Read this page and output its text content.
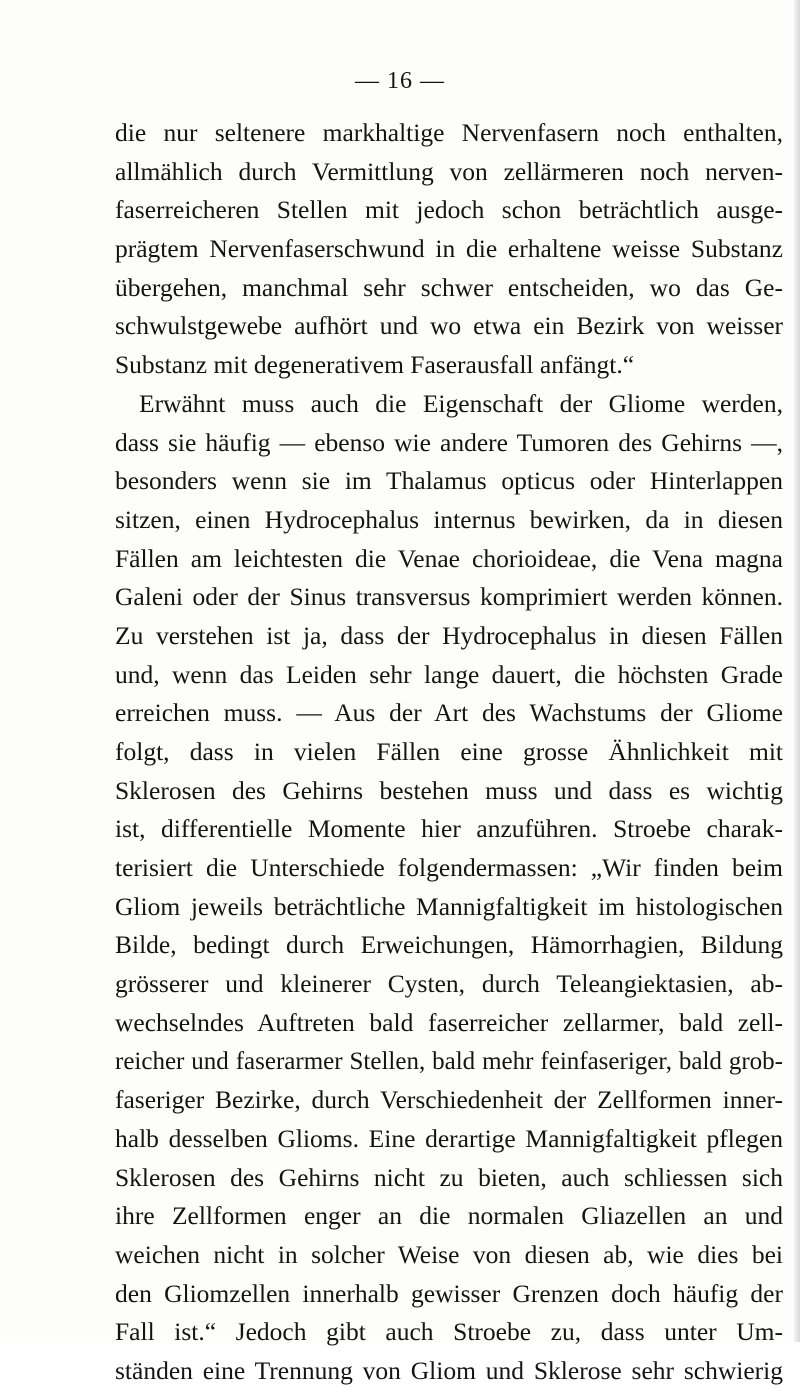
— 16 —
die nur seltenere markhaltige Nervenfasern noch enthalten,
allmählich durch Vermittlung von zellärmeren noch nerven-
faserreicheren Stellen mit jedoch schon beträchtlich ausge-
prägtem Nervenfaserschwund in die erhaltene weisse Substanz
übergehen, manchmal sehr schwer entscheiden, wo das Ge-
schwulstgewebe aufhört und wo etwa ein Bezirk von weisser
Substanz mit degenerativem Faserausfall anfängt.“
Erwähnt muss auch die Eigenschaft der Gliome werden,
dass sie häufig — ebenso wie andere Tumoren des Gehirns —,
besonders wenn sie im Thalamus opticus oder Hinterlappen
sitzen, einen Hydrocephalus internus bewirken, da in diesen
Fällen am leichtesten die Venae chorioideae, die Vena magna
Galeni oder der Sinus transversus komprimiert werden können.
Zu verstehen ist ja, dass der Hydrocephalus in diesen Fällen
und, wenn das Leiden sehr lange dauert, die höchsten Grade
erreichen muss. — Aus der Art des Wachstums der Gliome
folgt, dass in vielen Fällen eine grosse Ähnlichkeit mit
Sklerosen des Gehirns bestehen muss und dass es wichtig
ist, differentielle Momente hier anzuführen. Stroebe charak-
terisiert die Unterschiede folgendermassen: „Wir finden beim
Gliom jeweils beträchtliche Mannigfaltigkeit im histologischen
Bilde, bedingt durch Erweichungen, Hämorrhagien, Bildung
grösserer und kleinerer Cysten, durch Teleangiektasien, ab-
wechselndes Auftreten bald faserreicher zellarmer, bald zell-
reicher und faserarmer Stellen, bald mehr feinfaseriger, bald grob-
faseriger Bezirke, durch Verschiedenheit der Zellformen inner-
halb desselben Glioms. Eine derartige Mannigfaltigkeit pflegen
Sklerosen des Gehirns nicht zu bieten, auch schliessen sich
ihre Zellformen enger an die normalen Gliazellen an und
weichen nicht in solcher Weise von diesen ab, wie dies bei
den Gliomzellen innerhalb gewisser Grenzen doch häufig der
Fall ist.“ Jedoch gibt auch Stroebe zu, dass unter Um-
ständen eine Trennung von Gliom und Sklerose sehr schwierig
